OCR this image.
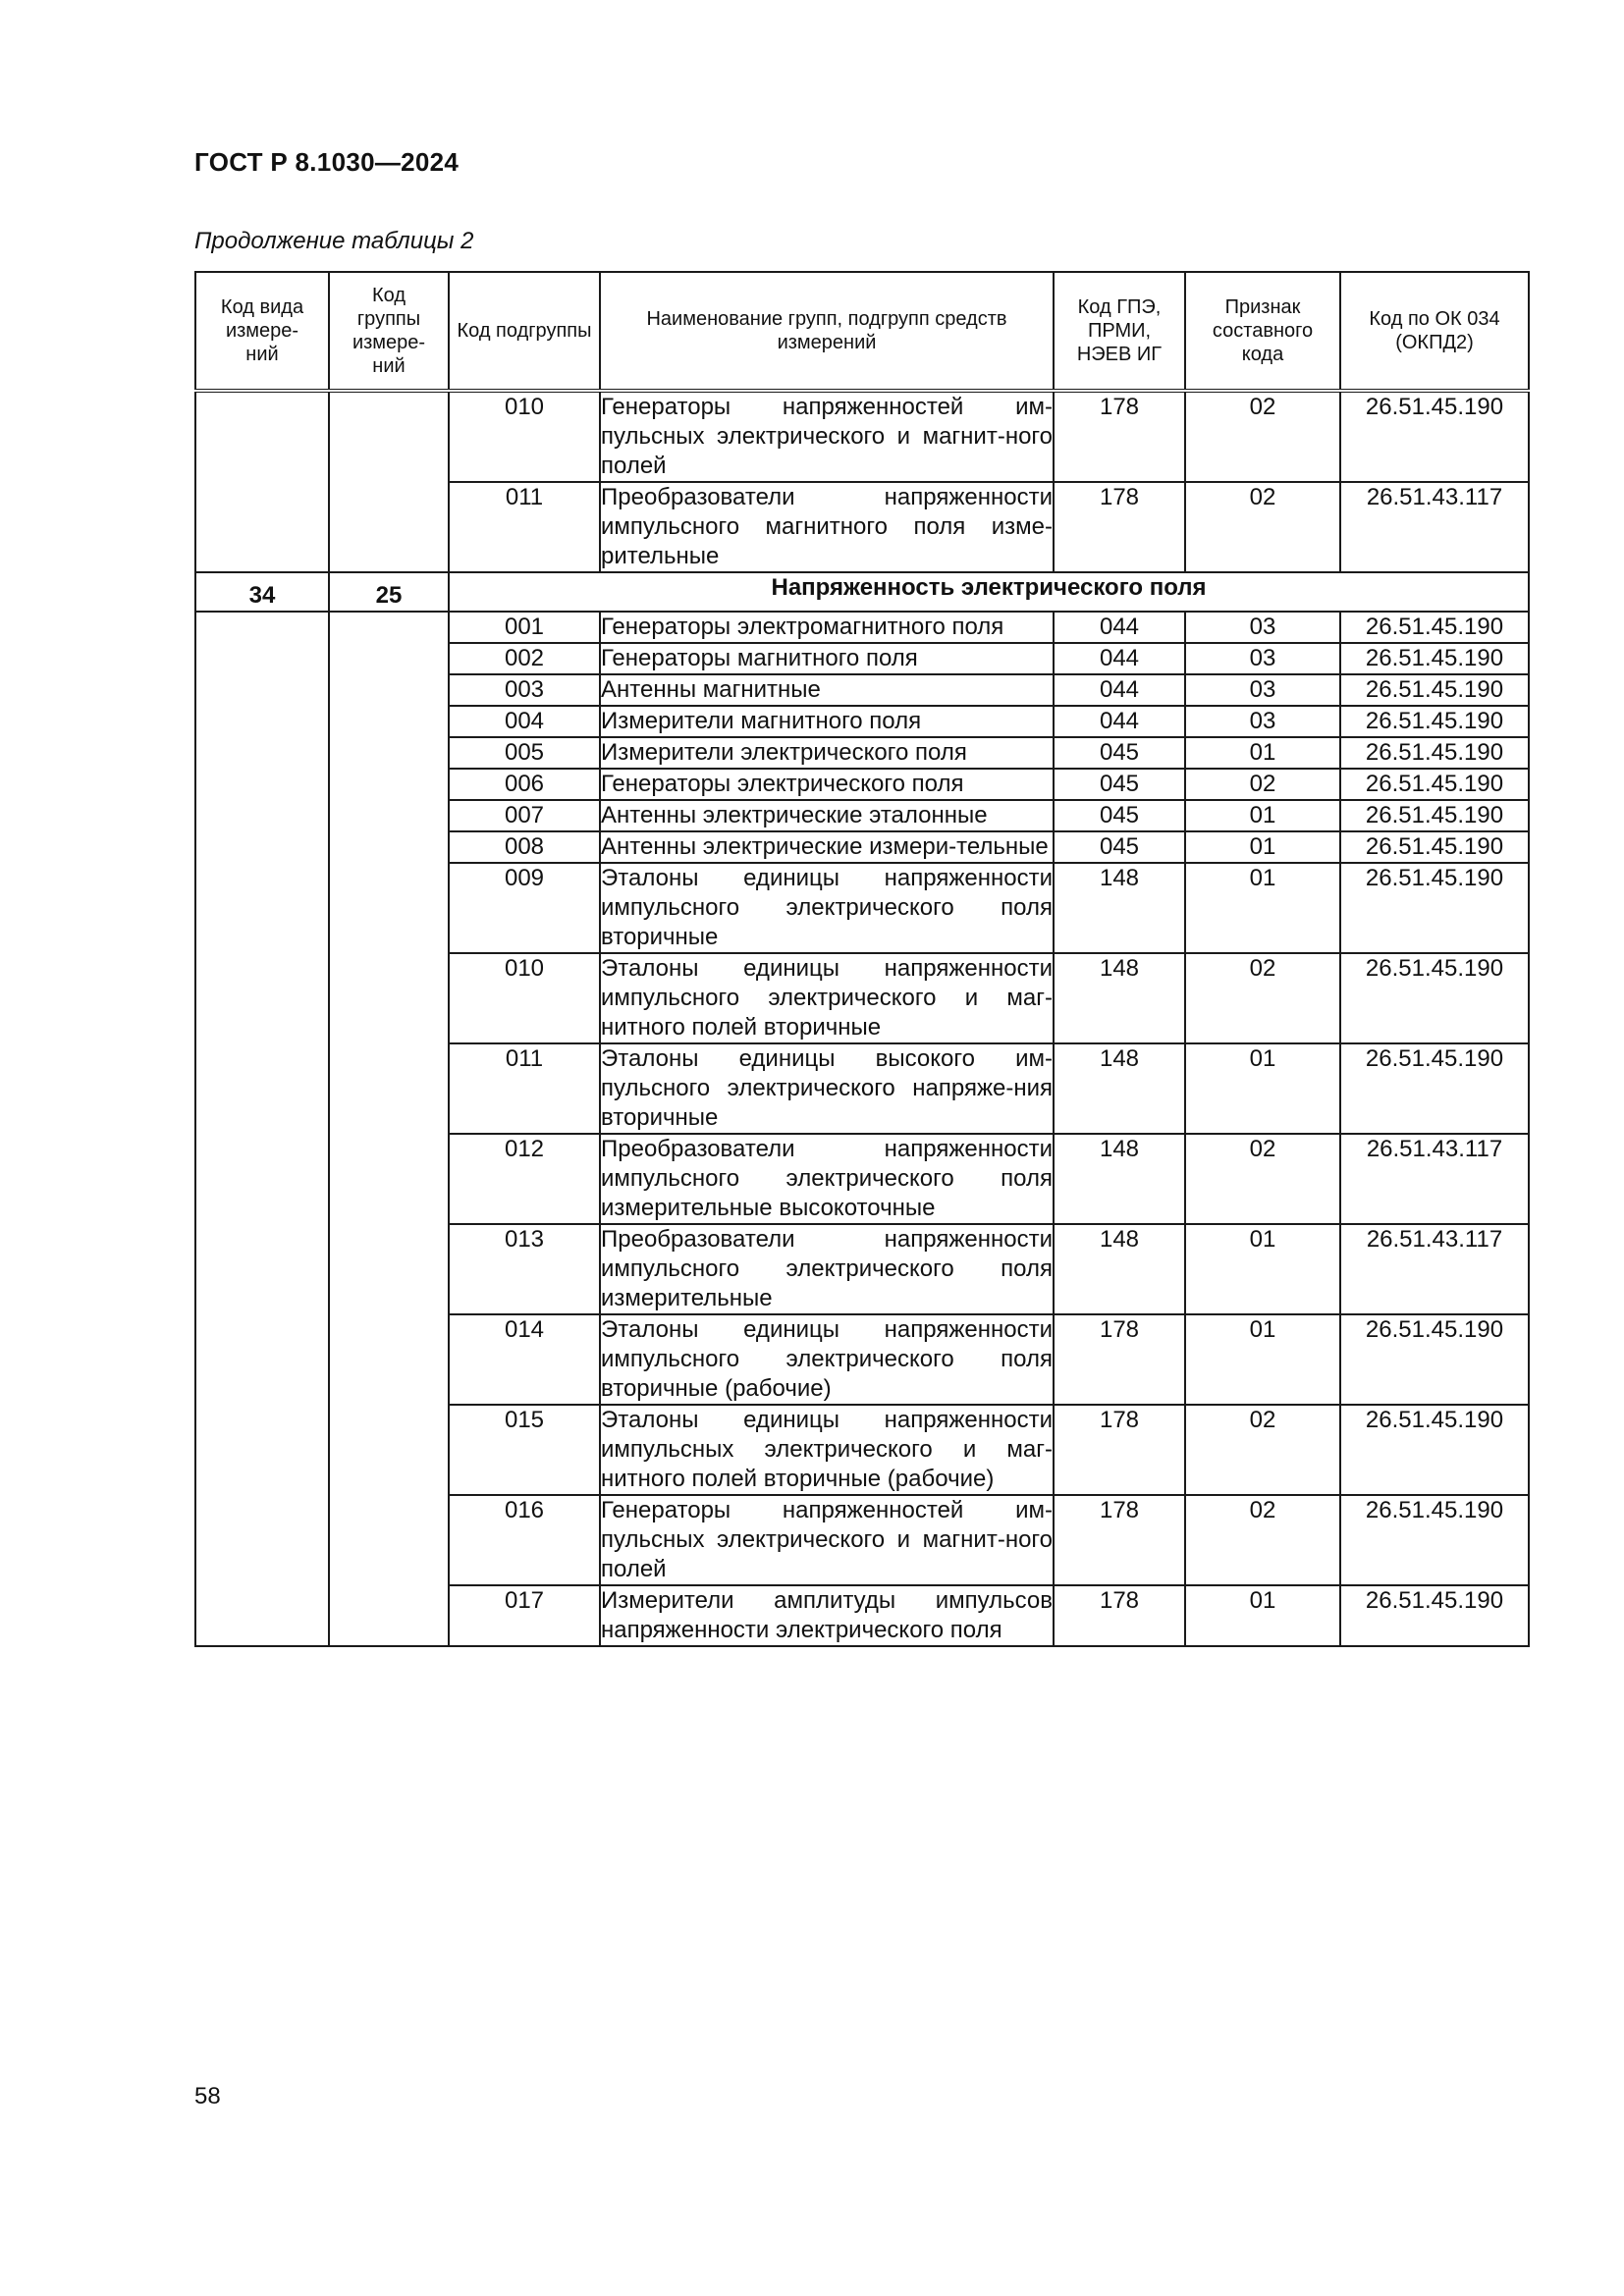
ГОСТ Р 8.1030—2024
Продолжение таблицы 2
Код вида измере-ний	Код группы измере-ний	Код подгруппы	Наименование групп, подгрупп средств измерений	Код ГПЭ, ПРМИ, НЭЕВ ИГ	Признак составного кода	Код по ОК 034 (ОКПД2)
		010	Генераторы напряженностей им-пульсных электрического и магнит-ного полей	178	02	26.51.45.190
		011	Преобразователи напряженности импульсного магнитного поля изме-рительные	178	02	26.51.43.117
34	25	Напряженность электрического поля				
		001	Генераторы электромагнитного поля	044	03	26.51.45.190
		002	Генераторы магнитного поля	044	03	26.51.45.190
		003	Антенны магнитные	044	03	26.51.45.190
		004	Измерители магнитного поля	044	03	26.51.45.190
		005	Измерители электрического поля	045	01	26.51.45.190
		006	Генераторы электрического поля	045	02	26.51.45.190
		007	Антенны электрические эталонные	045	01	26.51.45.190
		008	Антенны электрические измери-тельные	045	01	26.51.45.190
		009	Эталоны единицы напряженности импульсного электрического поля вторичные	148	01	26.51.45.190
		010	Эталоны единицы напряженности импульсного электрического и маг-нитного полей вторичные	148	02	26.51.45.190
		011	Эталоны единицы высокого им-пульсного электрического напряже-ния вторичные	148	01	26.51.45.190
		012	Преобразователи напряженности импульсного электрического поля измерительные высокоточные	148	02	26.51.43.117
		013	Преобразователи напряженности импульсного электрического поля измерительные	148	01	26.51.43.117
		014	Эталоны единицы напряженности импульсного электрического поля вторичные (рабочие)	178	01	26.51.45.190
		015	Эталоны единицы напряженности импульсных электрического и маг-нитного полей вторичные (рабочие)	178	02	26.51.45.190
		016	Генераторы напряженностей им-пульсных электрического и магнит-ного полей	178	02	26.51.45.190
		017	Измерители амплитуды импульсов напряженности электрического поля	178	01	26.51.45.190
58
